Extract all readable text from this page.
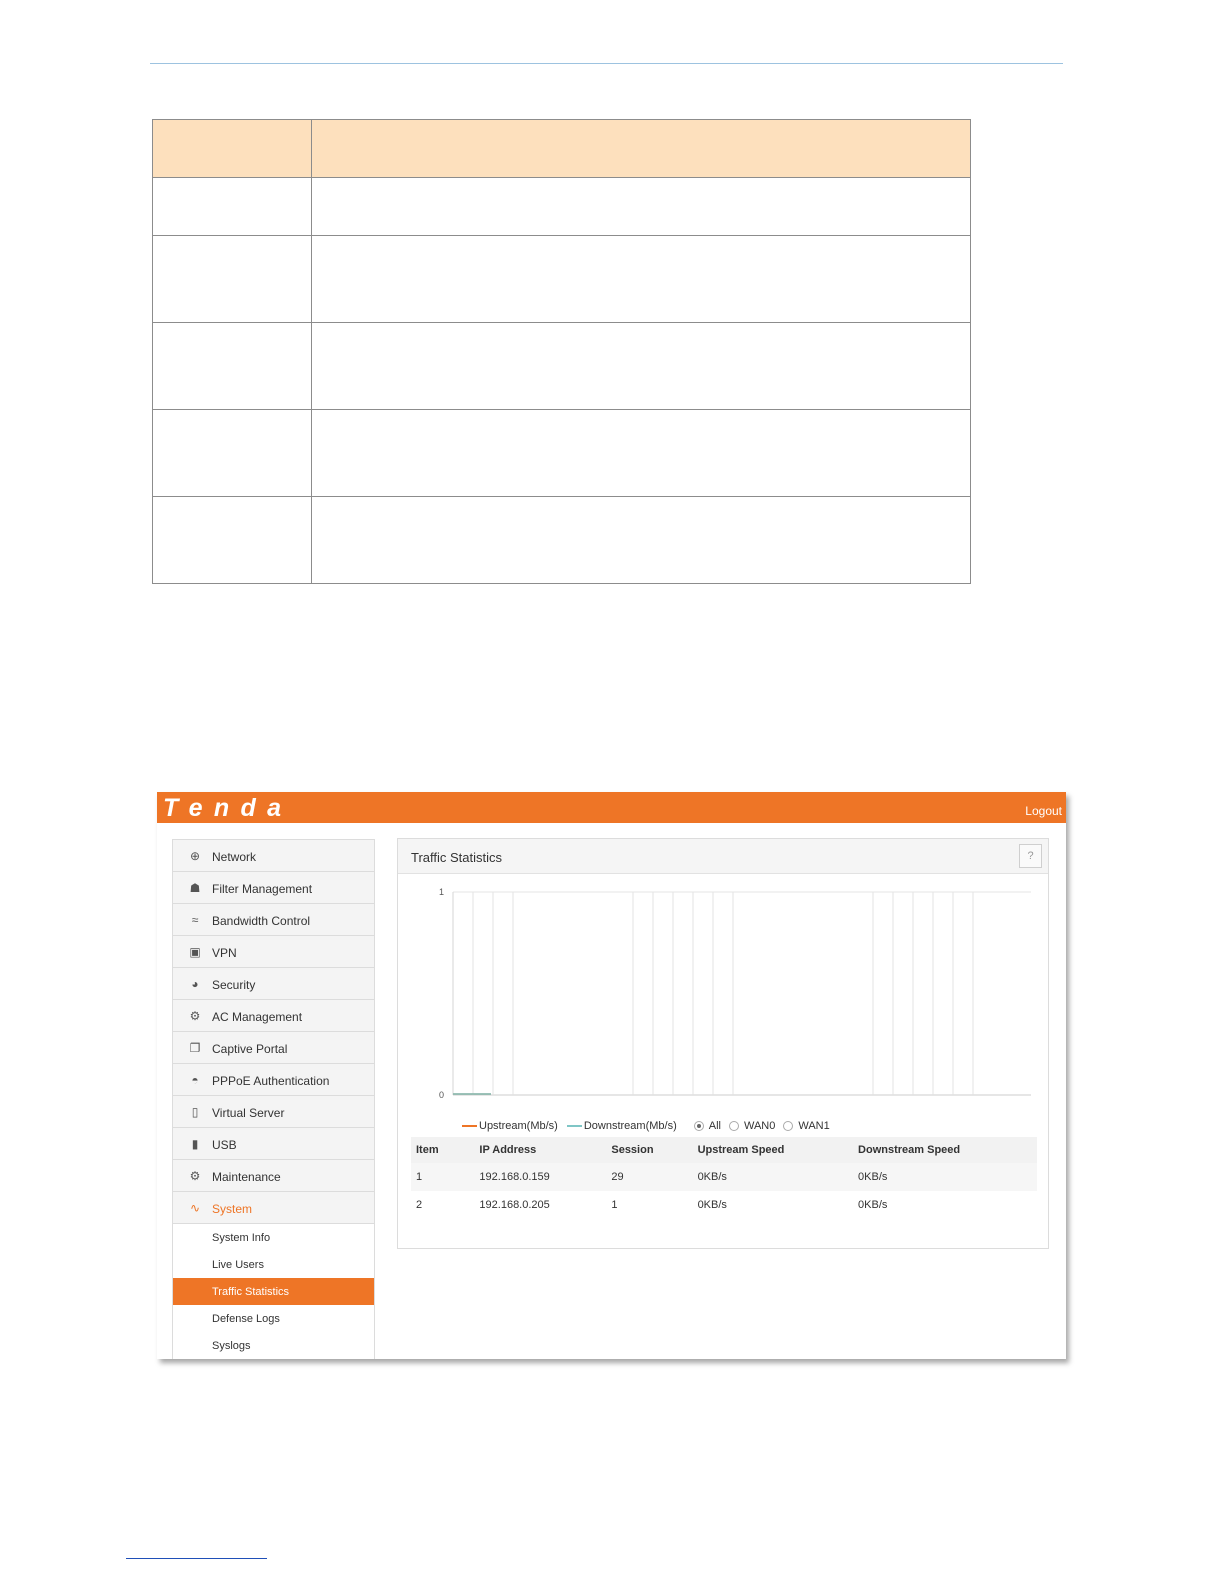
Tenda	Logout
⊕ Network
☗ Filter Management
≈	Bandwidth Control
▣ VPN
◕	Security
⚙ AC Management
❐ Captive Portal
◓	PPPoE Authentication
▯	Virtual Server
▮	USB
⚙ Maintenance
∿ System
System Info
Live Users
Traffic Statistics
Defense Logs
Syslogs
Traffic Statistics	?
1
0
Upstream(Mb/s) Downstream(Mb/s)	All WAN0 WAN1
Item	IP Address	Session	Upstream Speed	Downstream Speed
1	192.168.0.159	29	0KB/s	0KB/s
2	192.168.0.205	1	0KB/s	0KB/s
